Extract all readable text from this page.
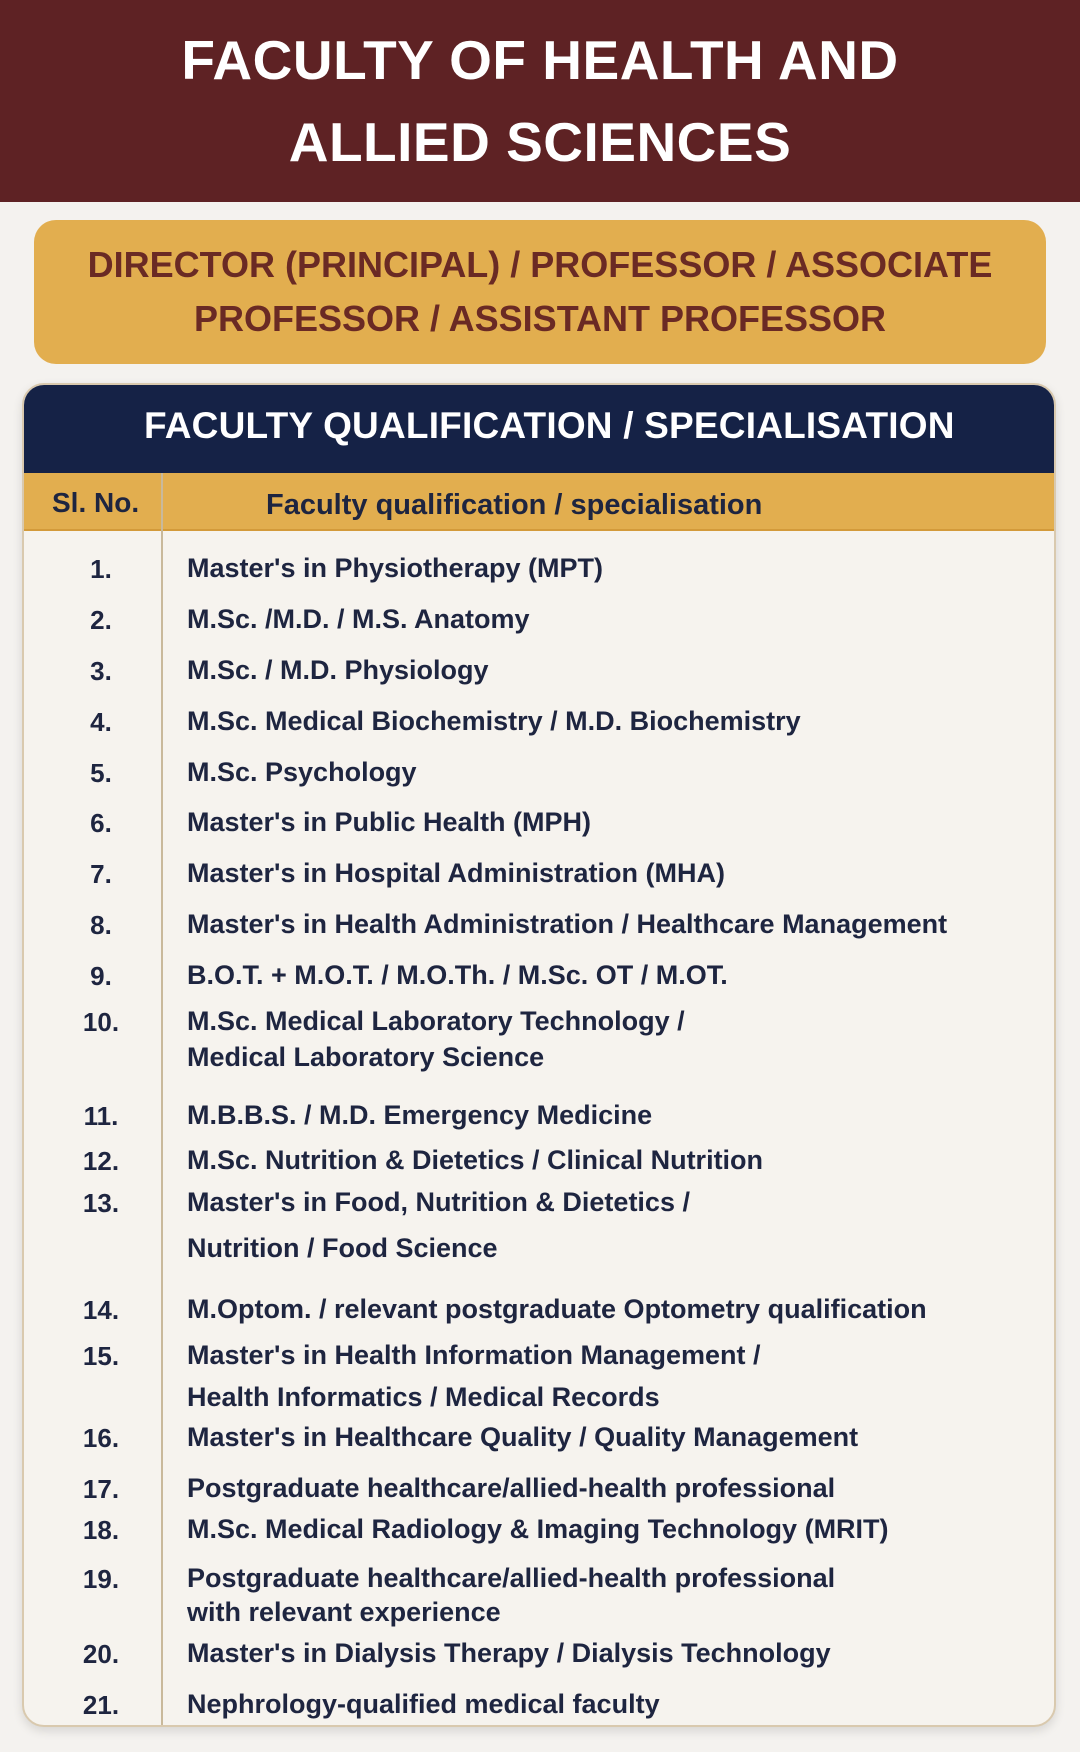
FACULTY OF HEALTH AND
ALLIED SCIENCES
DIRECTOR (PRINCIPAL) / PROFESSOR / ASSOCIATE
PROFESSOR / ASSISTANT PROFESSOR
FACULTY QUALIFICATION / SPECIALISATION
Sl. No.	Faculty qualification / specialisation
1.	Master's in Physiotherapy (MPT)
2.	M.Sc. /M.D. / M.S. Anatomy
3.	M.Sc. / M.D. Physiology
4.	M.Sc. Medical Biochemistry / M.D. Biochemistry
5.	M.Sc. Psychology
6.	Master's in Public Health (MPH)
7.	Master's in Hospital Administration (MHA)
8.	Master's in Health Administration / Healthcare Management
9.	B.O.T. + M.O.T. / M.O.Th. / M.Sc. OT / M.OT.
10.	M.Sc. Medical Laboratory Technology /
Medical Laboratory Science
11.	M.B.B.S. / M.D. Emergency Medicine
12.	M.Sc. Nutrition & Dietetics / Clinical Nutrition
13.	Master's in Food, Nutrition & Dietetics /
Nutrition / Food Science
14.	M.Optom. / relevant postgraduate Optometry qualification
15.	Master's in Health Information Management /
Health Informatics / Medical Records
16.	Master's in Healthcare Quality / Quality Management
17.	Postgraduate healthcare/allied-health professional
18.	M.Sc. Medical Radiology & Imaging Technology (MRIT)
19.	Postgraduate healthcare/allied-health professional
with relevant experience
20.	Master's in Dialysis Therapy / Dialysis Technology
21.	Nephrology-qualified medical faculty
